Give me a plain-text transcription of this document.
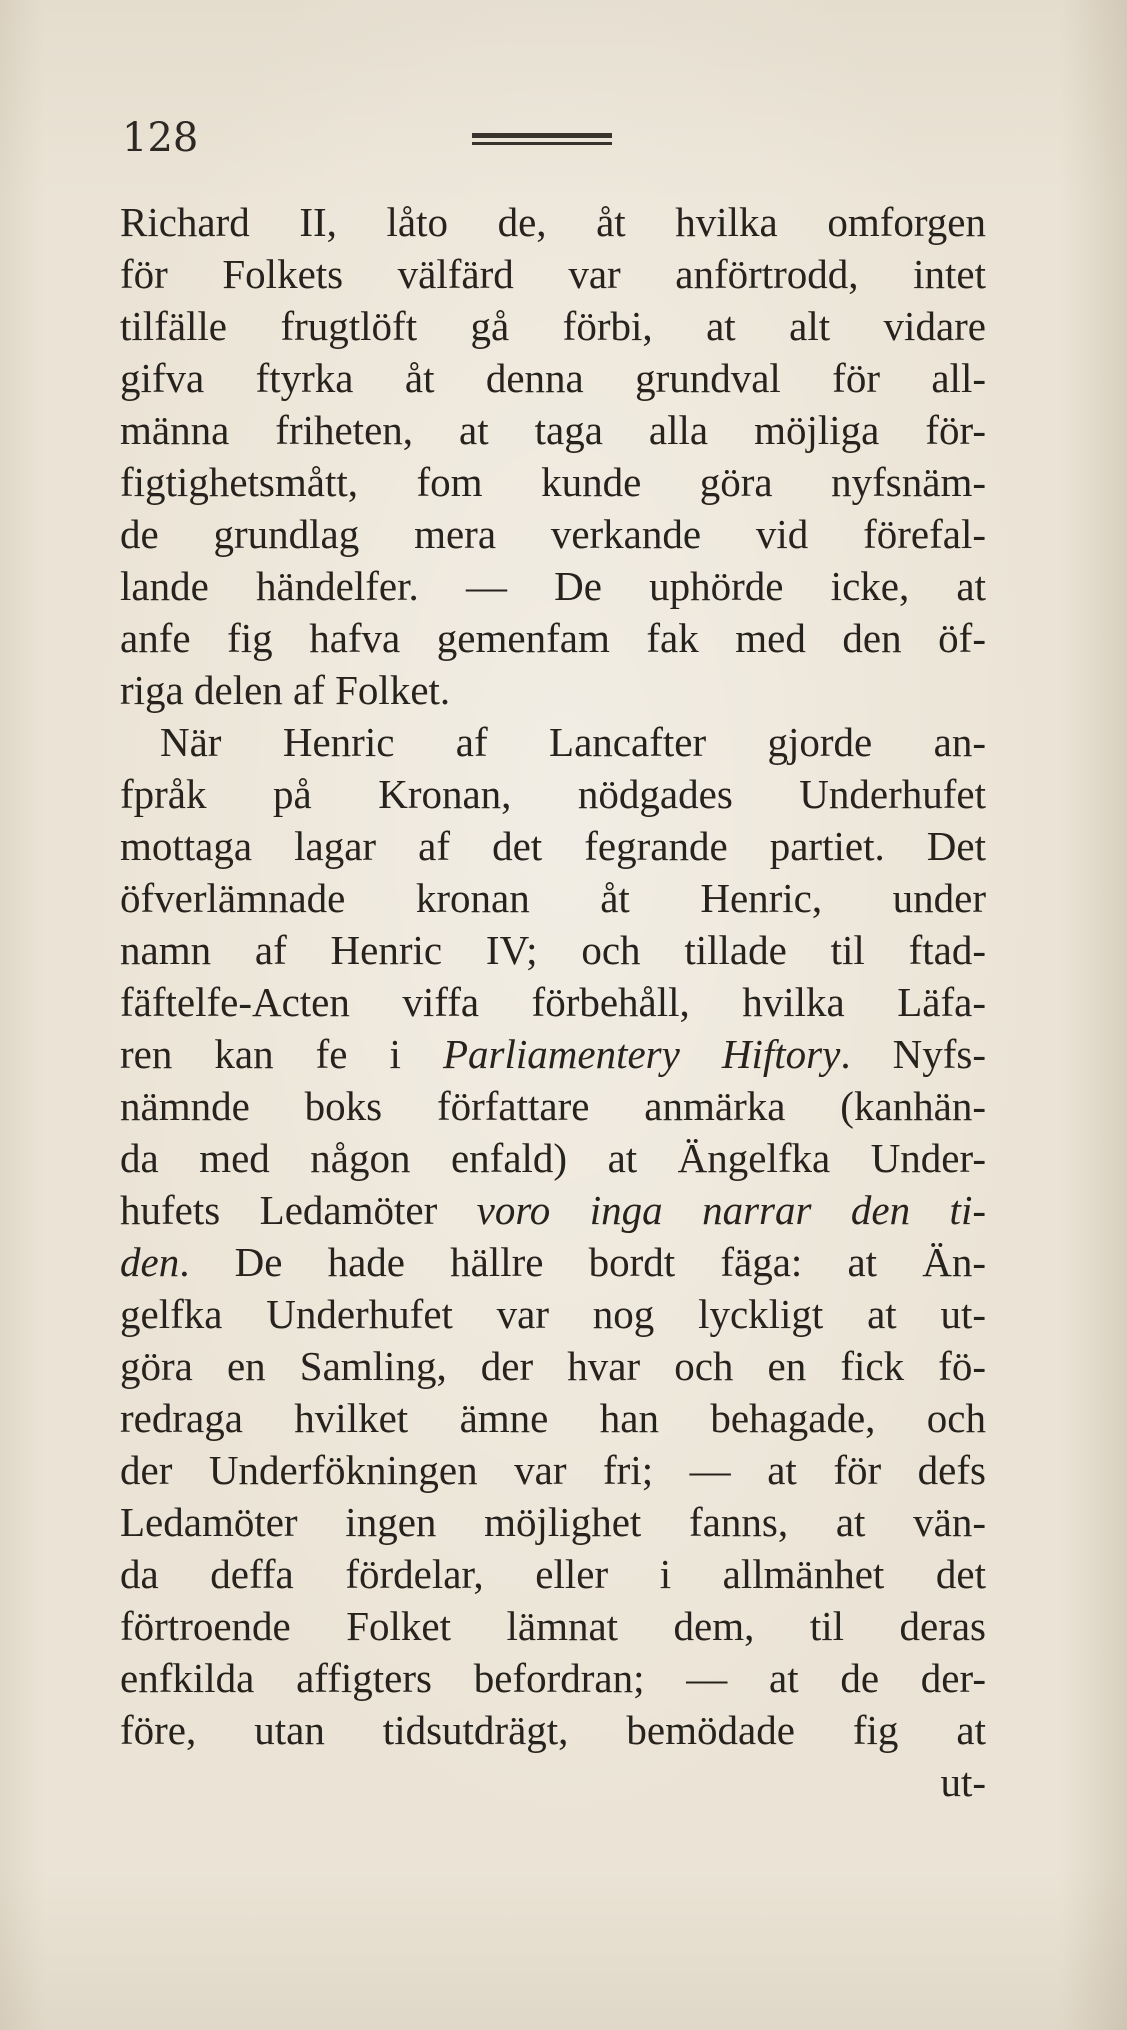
128
Richard II, låto de, åt hvilka omforgen
för Folkets välfärd var anförtrodd, intet
tilfälle frugtlöft gå förbi, at alt vidare
gifva ftyrka åt denna grundval för all-
männa friheten, at taga alla möjliga för-
figtighetsmått, fom kunde göra nyfsnäm-
de grundlag mera verkande vid förefal-
lande händelfer. — De uphörde icke, at
anfe fig hafva gemenfam fak med den öf-
riga delen af Folket.
När Henric af Lancafter gjorde an-
fpråk på Kronan, nödgades Underhufet
mottaga lagar af det fegrande partiet. Det
öfverlämnade kronan åt Henric, under
namn af Henric IV; och tillade til ftad-
fäftelfe-Acten viffa förbehåll, hvilka Läfa-
ren kan fe i Parliamentery Hiftory. Nyfs-
nämnde boks författare anmärka (kanhän-
da med någon enfald) at Ängelfka Under-
hufets Ledamöter voro inga narrar den ti-
den. De hade hällre bordt fäga: at Än-
gelfka Underhufet var nog lyckligt at ut-
göra en Samling, der hvar och en fick fö-
redraga hvilket ämne han behagade, och
der Underfökningen var fri; — at för defs
Ledamöter ingen möjlighet fanns, at vän-
da deffa fördelar, eller i allmänhet det
förtroende Folket lämnat dem, til deras
enfkilda affigters befordran; — at de der-
före, utan tidsutdrägt, bemödade fig at
ut-
